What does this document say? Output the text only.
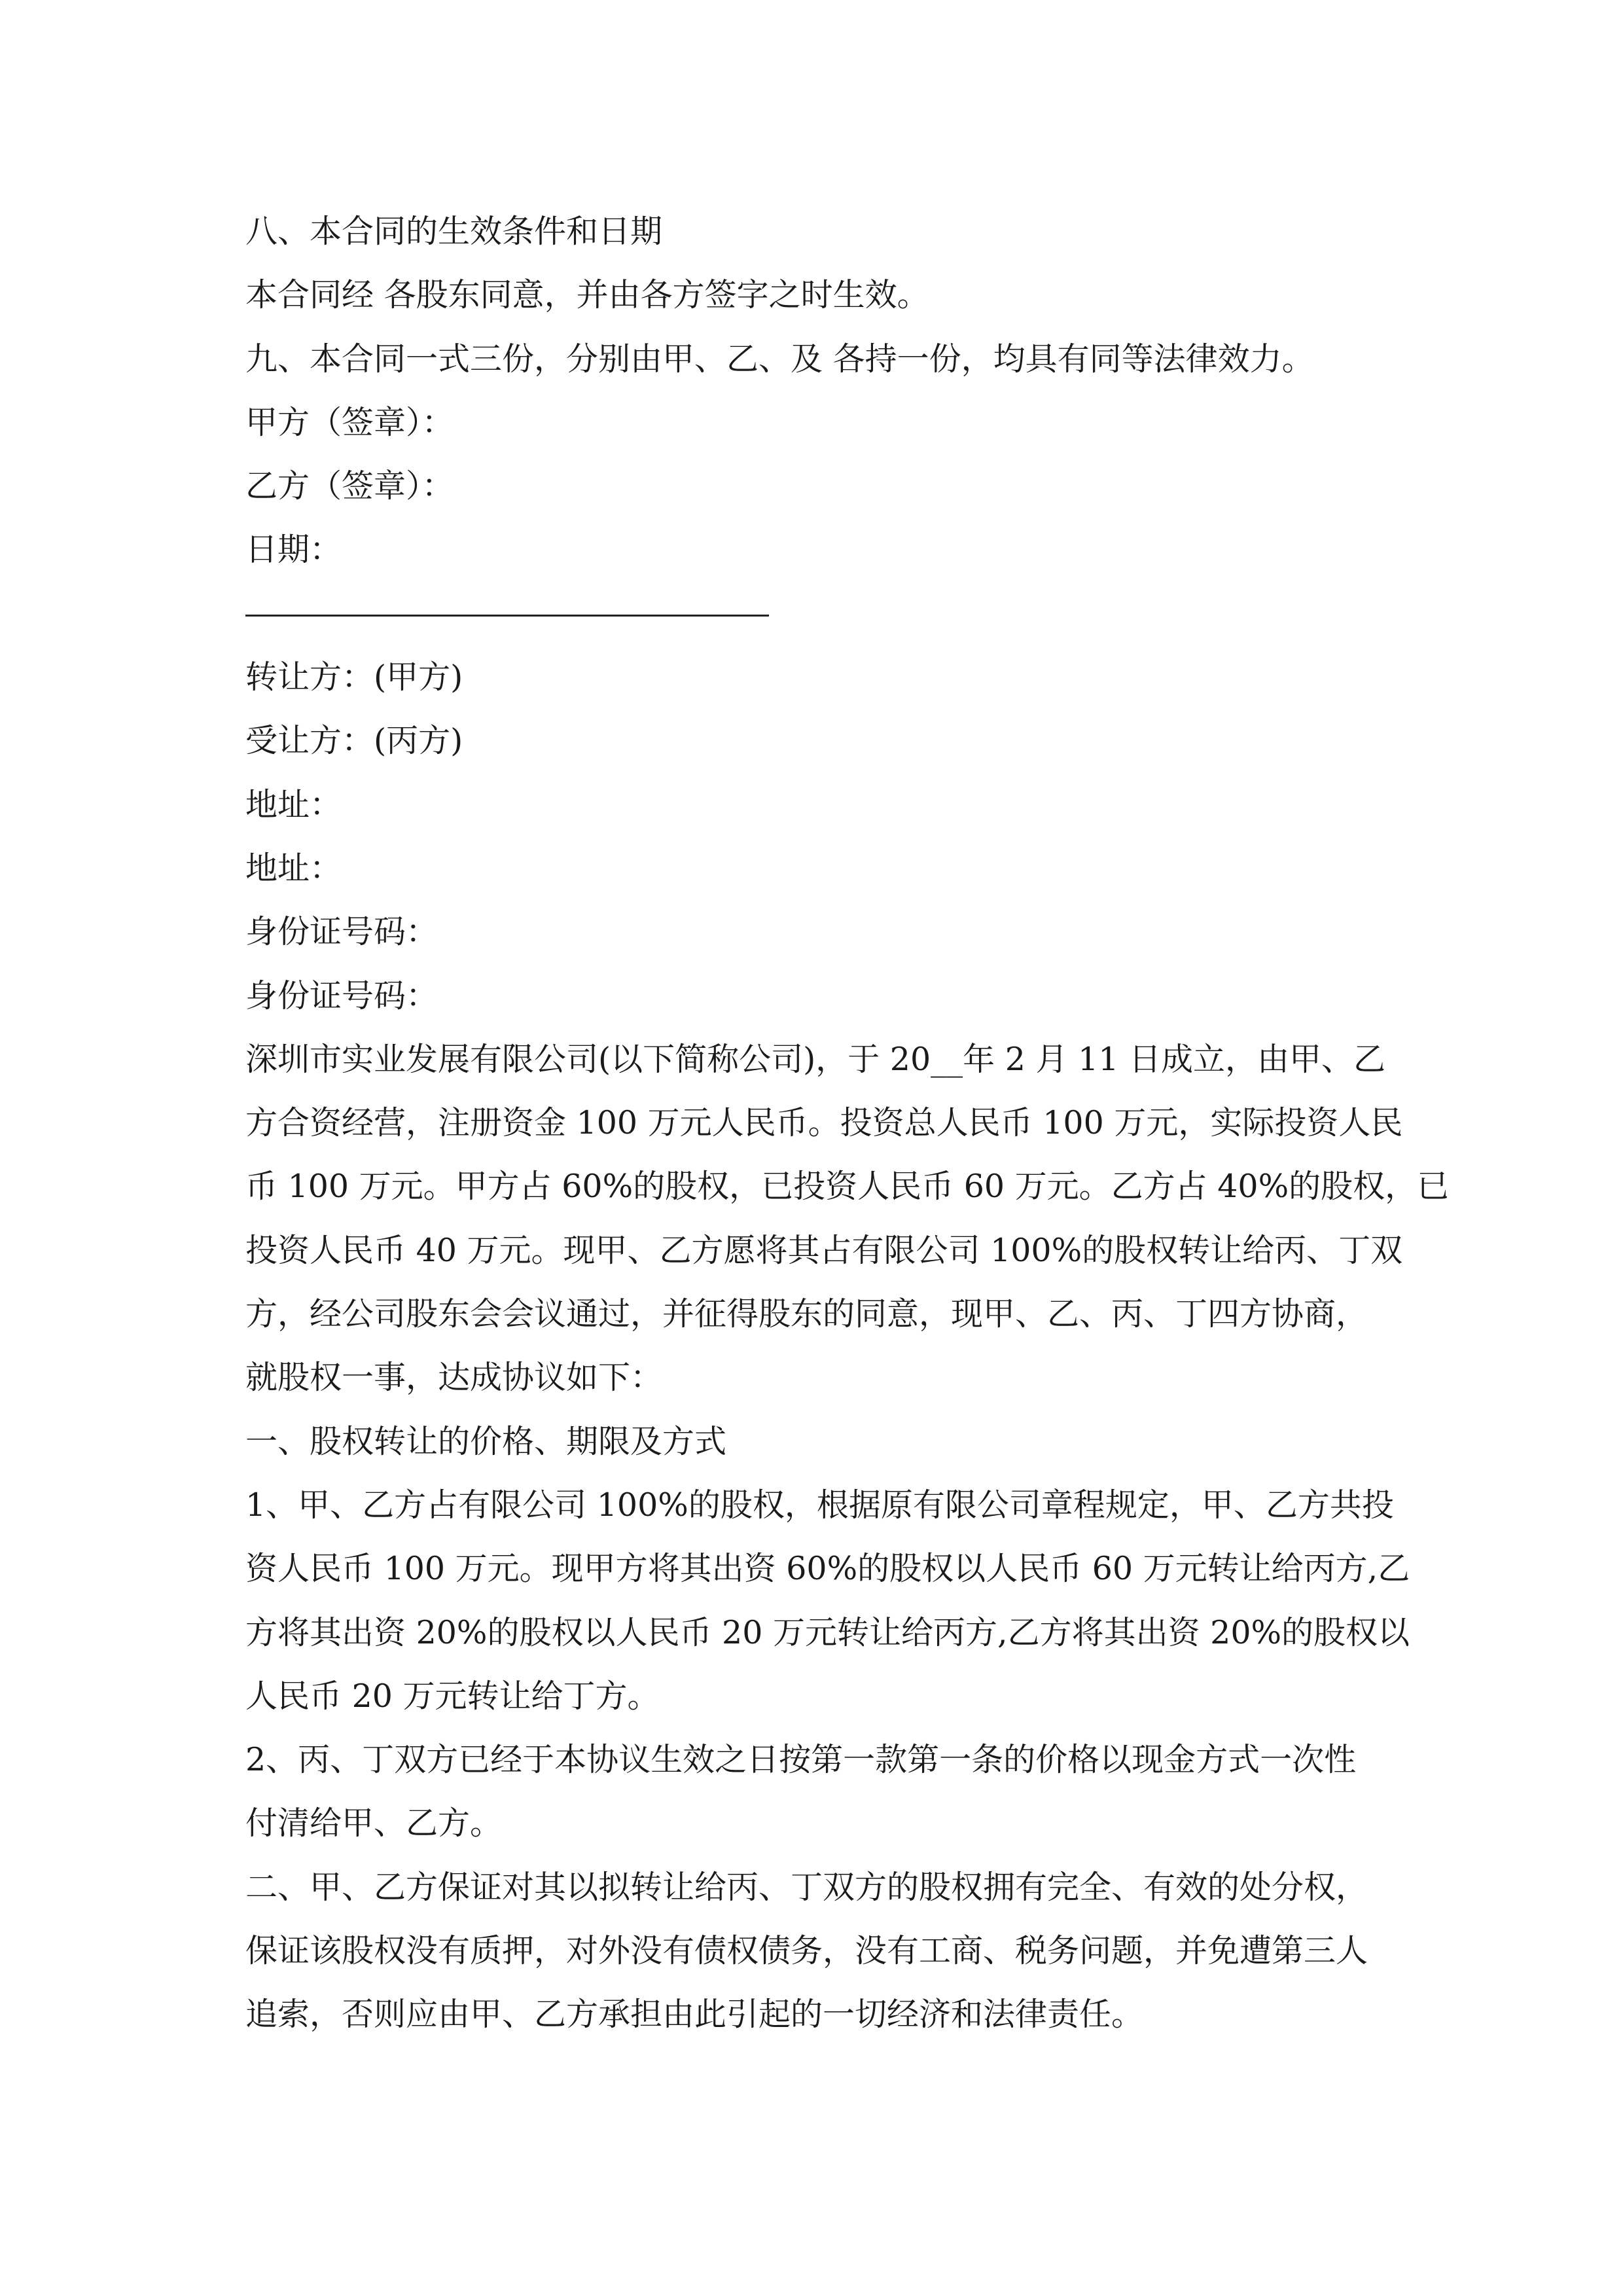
八、本合同的生效条件和日期
本合同经 各股东同意，并由各方签字之时生效。
九、本合同一式三份，分别由甲、乙、及 各持一份，均具有同等法律效力。
甲方（签章）：
乙方（签章）：
日期：
转让方：(甲方)
受让方：(丙方)
地址：
地址：
身份证号码：
身份证号码：
深圳市实业发展有限公司(以下简称公司)，于 20__年 2 月 11 日成立，由甲、乙
方合资经营，注册资金 100 万元人民币。投资总人民币 100 万元，实际投资人民
币 100 万元。甲方占 60%的股权，已投资人民币 60 万元。乙方占 40%的股权，已
投资人民币 40 万元。现甲、乙方愿将其占有限公司 100%的股权转让给丙、丁双
方，经公司股东会会议通过，并征得股东的同意，现甲、乙、丙、丁四方协商，
就股权一事，达成协议如下：
一、股权转让的价格、期限及方式
1、甲、乙方占有限公司 100%的股权，根据原有限公司章程规定，甲、乙方共投
资人民币 100 万元。现甲方将其出资 60%的股权以人民币 60 万元转让给丙方,乙
方将其出资 20%的股权以人民币 20 万元转让给丙方,乙方将其出资 20%的股权以
人民币 20 万元转让给丁方。
2、丙、丁双方已经于本协议生效之日按第一款第一条的价格以现金方式一次性
付清给甲、乙方。
二、甲、乙方保证对其以拟转让给丙、丁双方的股权拥有完全、有效的处分权，
保证该股权没有质押，对外没有债权债务，没有工商、税务问题，并免遭第三人
追索，否则应由甲、乙方承担由此引起的一切经济和法律责任。
